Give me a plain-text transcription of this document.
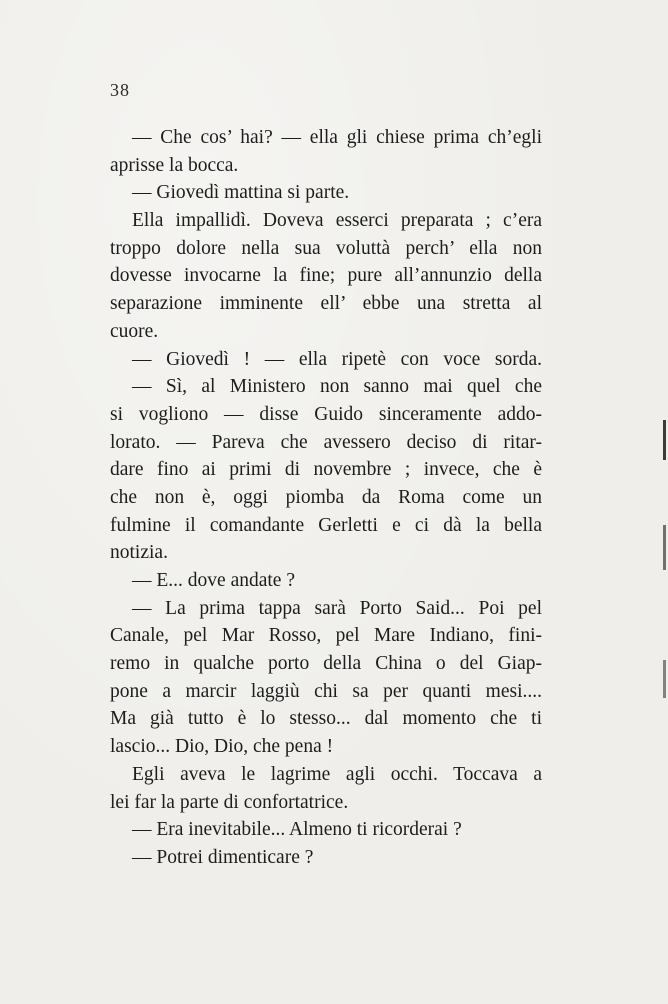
38
— Che cos’ hai? — ella gli chiese prima ch’egli
aprisse la bocca.
— Giovedì mattina si parte.
Ella impallidì. Doveva esserci preparata ; c’era
troppo dolore nella sua voluttà perch’ ella non
dovesse invocarne la fine; pure all’annunzio della
separazione imminente ell’ ebbe una stretta al
cuore.
— Giovedì ! — ella ripetè con voce sorda.
— Sì, al Ministero non sanno mai quel che
si vogliono — disse Guido sinceramente addo-
lorato. — Pareva che avessero deciso di ritar-
dare fino ai primi di novembre ; invece, che è
che non è, oggi piomba da Roma come un
fulmine il comandante Gerletti e ci dà la bella
notizia.
— E... dove andate ?
— La prima tappa sarà Porto Said... Poi pel
Canale, pel Mar Rosso, pel Mare Indiano, fini-
remo in qualche porto della China o del Giap-
pone a marcir laggiù chi sa per quanti mesi....
Ma già tutto è lo stesso... dal momento che ti
lascio... Dio, Dio, che pena !
Egli aveva le lagrime agli occhi. Toccava a
lei far la parte di confortatrice.
— Era inevitabile... Almeno ti ricorderai ?
— Potrei dimenticare ?
